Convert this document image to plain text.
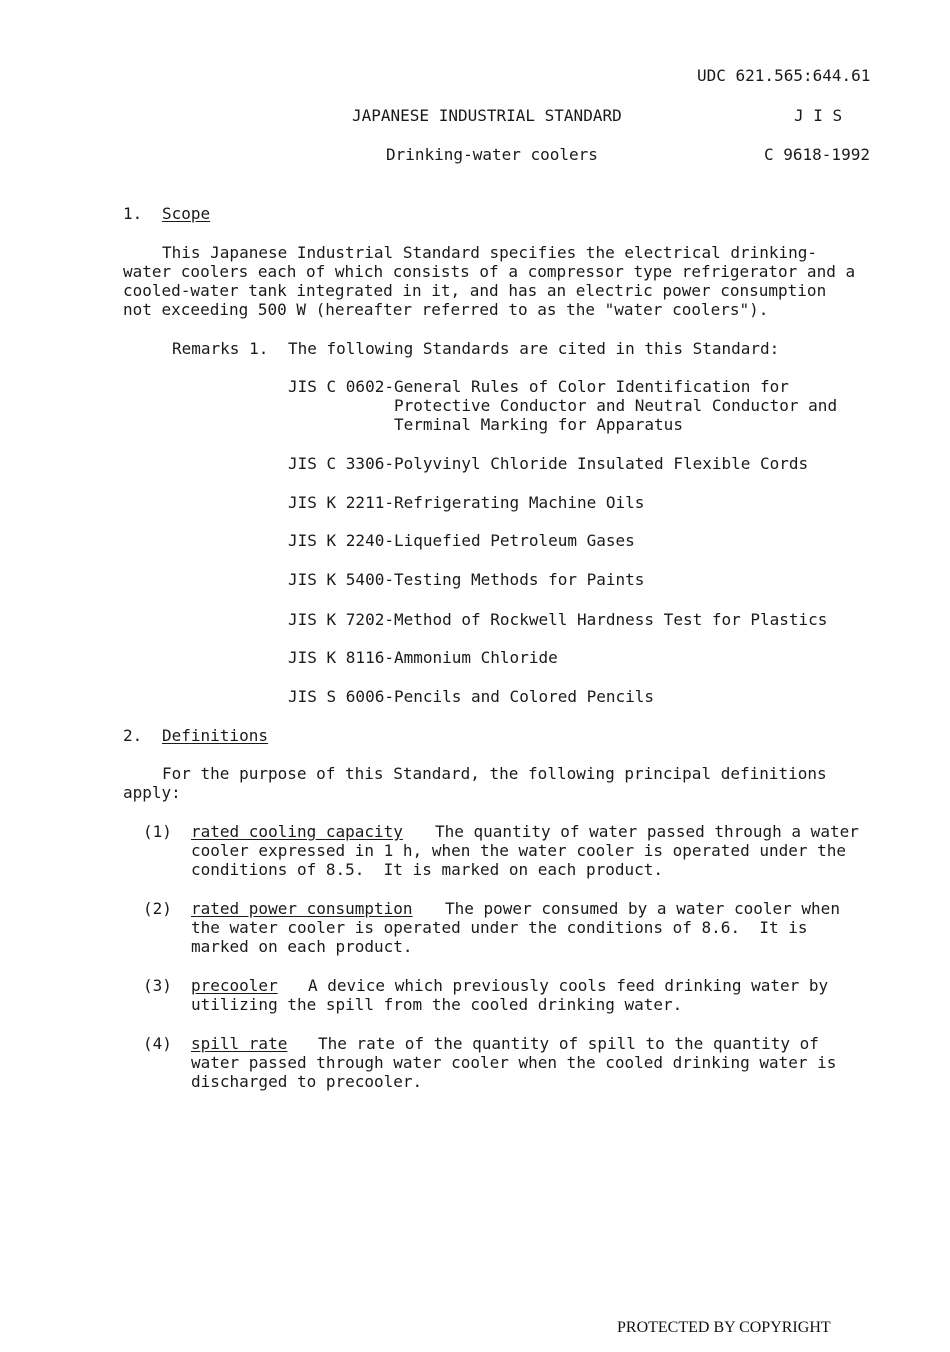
UDC 621.565:644.61
JAPANESE INDUSTRIAL STANDARD	J I S
Drinking-water coolers	C 9618-1992
1. Scope
This Japanese Industrial Standard specifies the electrical drinking-
water coolers each of which consists of a compressor type refrigerator and a
cooled-water tank integrated in it, and has an electric power consumption
not exceeding 500 W (hereafter referred to as the "water coolers").
Remarks 1. The following Standards are cited in this Standard:
JIS C 0602-General Rules of Color Identification for
Protective Conductor and Neutral Conductor and
Terminal Marking for Apparatus
JIS C 3306-Polyvinyl Chloride Insulated Flexible Cords
JIS K 2211-Refrigerating Machine Oils
JIS K 2240-Liquefied Petroleum Gases
JIS K 5400-Testing Methods for Paints
JIS K 7202-Method of Rockwell Hardness Test for Plastics
JIS K 8116-Ammonium Chloride
JIS S 6006-Pencils and Colored Pencils
2. Definitions
For the purpose of this Standard, the following principal definitions
apply:
(1) rated cooling capacity The quantity of water passed through a water
cooler expressed in 1 h, when the water cooler is operated under the
conditions of 8.5.  It is marked on each product.
(2) rated power consumption The power consumed by a water cooler when
the water cooler is operated under the conditions of 8.6.  It is
marked on each product.
(3) precooler A device which previously cools feed drinking water by
utilizing the spill from the cooled drinking water.
(4) spill rate The rate of the quantity of spill to the quantity of
water passed through water cooler when the cooled drinking water is
discharged to precooler.
PROTECTED BY COPYRIGHT
